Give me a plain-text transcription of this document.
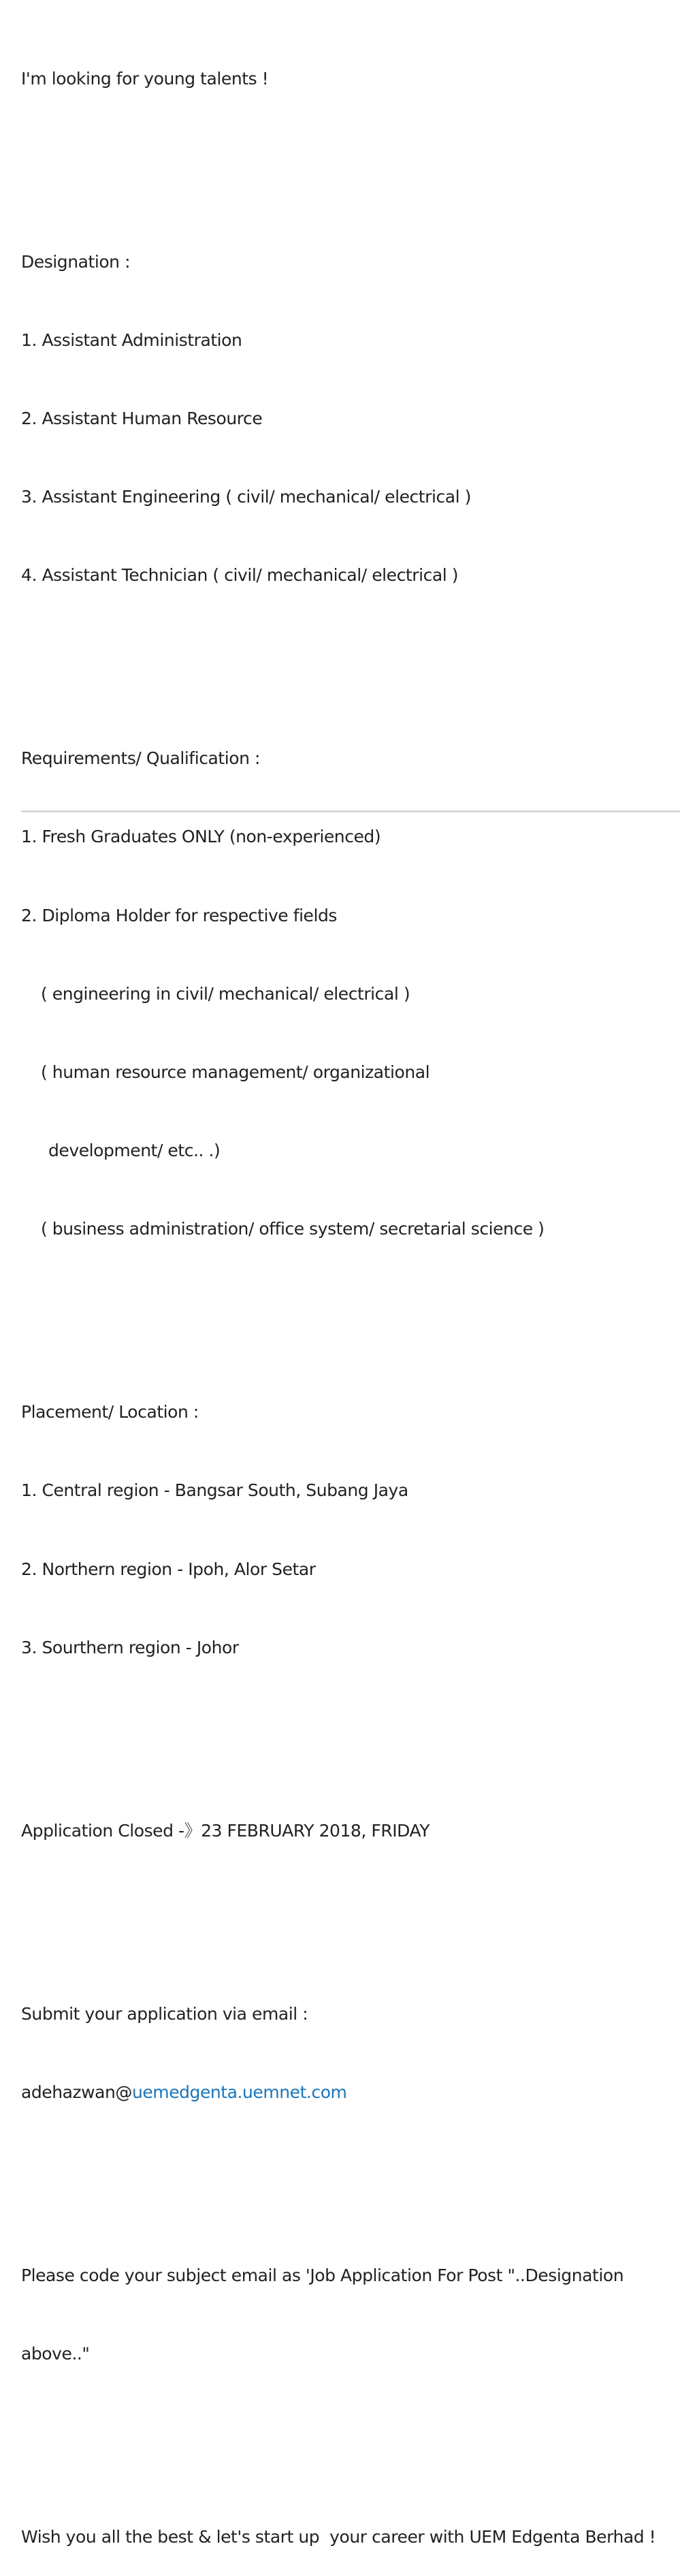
I'm looking for young talents !

Designation :

1. Assistant Administration

2. Assistant Human Resource

3. Assistant Engineering ( civil/ mechanical/ electrical )

4. Assistant Technician ( civil/ mechanical/ electrical )

Requirements/ Qualification :

1. Fresh Graduates ONLY (non-experienced)

2. Diploma Holder for respective fields

( engineering in civil/ mechanical/ electrical )

( human resource management/ organizational

development/ etc.. .)

( business administration/ office system/ secretarial science )

Placement/ Location :

1. Central region - Bangsar South, Subang Jaya

2. Northern region - Ipoh, Alor Setar

3. Sourthern region - Johor

Application Closed -》23 FEBRUARY 2018, FRIDAY

Submit your application via email :

adehazwan@uemedgenta.uemnet.com

Please code your subject email as 'Job Application For Post "..Designation

above.."

Wish you all the best & let's start up  your career with UEM Edgenta Berhad !
